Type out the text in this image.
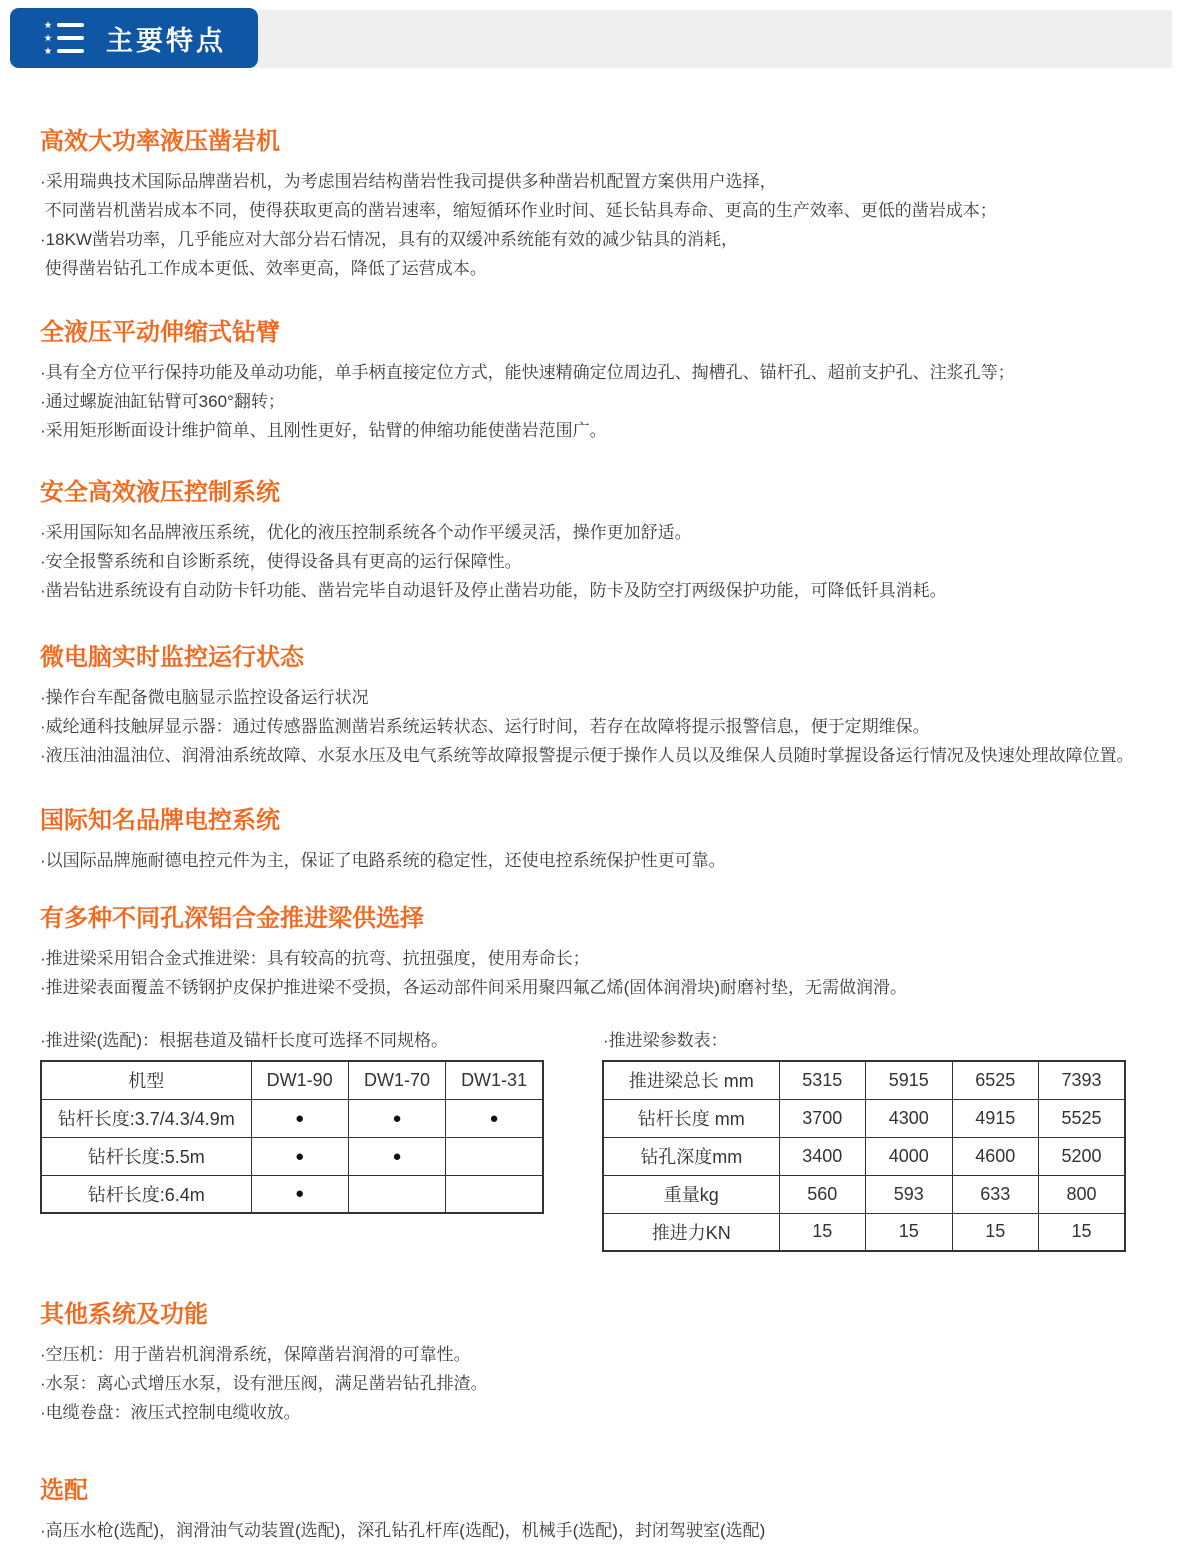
主要特点
高效大功率液压凿岩机
·采用瑞典技术国际品牌凿岩机，为考虑围岩结构凿岩性我司提供多种凿岩机配置方案供用户选择，
不同凿岩机凿岩成本不同，使得获取更高的凿岩速率，缩短循环作业时间、延长钻具寿命、更高的生产效率、更低的凿岩成本；
·18KW凿岩功率，几乎能应对大部分岩石情况，具有的双缓冲系统能有效的减少钻具的消耗，
使得凿岩钻孔工作成本更低、效率更高，降低了运营成本。
全液压平动伸缩式钻臂
·具有全方位平行保持功能及单动功能，单手柄直接定位方式，能快速精确定位周边孔、掏槽孔、锚杆孔、超前支护孔、注浆孔等；
·通过螺旋油缸钻臂可360°翻转；
·采用矩形断面设计维护简单、且刚性更好，钻臂的伸缩功能使凿岩范围广。
安全高效液压控制系统
·采用国际知名品牌液压系统，优化的液压控制系统各个动作平缓灵活，操作更加舒适。
·安全报警系统和自诊断系统，使得设备具有更高的运行保障性。
·凿岩钻进系统设有自动防卡钎功能、凿岩完毕自动退钎及停止凿岩功能，防卡及防空打两级保护功能，可降低钎具消耗。
微电脑实时监控运行状态
·操作台车配备微电脑显示监控设备运行状况
·威纶通科技触屏显示器：通过传感器监测凿岩系统运转状态、运行时间，若存在故障将提示报警信息，便于定期维保。
·液压油油温油位、润滑油系统故障、水泵水压及电气系统等故障报警提示便于操作人员以及维保人员随时掌握设备运行情况及快速处理故障位置。
国际知名品牌电控系统
·以国际品牌施耐德电控元件为主，保证了电路系统的稳定性，还使电控系统保护性更可靠。
有多种不同孔深铝合金推进梁供选择
·推进梁采用铝合金式推进梁：具有较高的抗弯、抗扭强度，使用寿命长；
·推进梁表面覆盖不锈钢护皮保护推进梁不受损，各运动部件间采用聚四氟乙烯(固体润滑块)耐磨衬垫，无需做润滑。
·推进梁(选配)：根据巷道及锚杆长度可选择不同规格。	·推进梁参数表：
机型	DW1-90	DW1-70	DW1-31
钻杆长度:3.7/4.3/4.9m	●	●	●
钻杆长度:5.5m	●	●	
钻杆长度:6.4m	●		
推进梁总长 mm	5315	5915	6525	7393
钻杆长度 mm	3700	4300	4915	5525
钻孔深度mm	3400	4000	4600	5200
重量kg	560	593	633	800
推进力KN	15	15	15	15
其他系统及功能
·空压机：用于凿岩机润滑系统，保障凿岩润滑的可靠性。
·水泵：离心式增压水泵，设有泄压阀，满足凿岩钻孔排渣。
·电缆卷盘：液压式控制电缆收放。
选配
·高压水枪(选配)，润滑油气动装置(选配)，深孔钻孔杆库(选配)，机械手(选配)，封闭驾驶室(选配)
